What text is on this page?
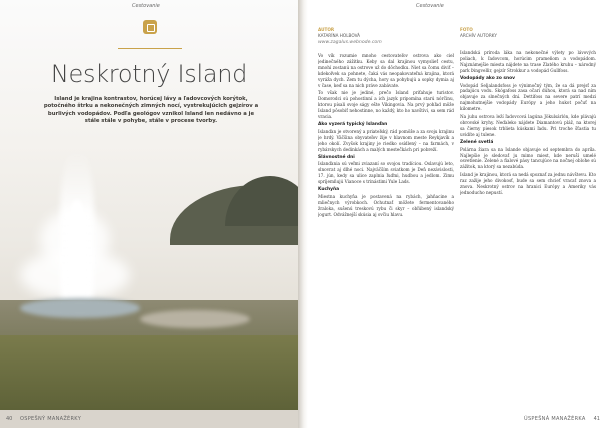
Cestovanie
Neskrotný Island

Island je krajina kontrastov, horúcej lávy a ľadovcových korýtok, potočného štrku a nekonečných zimných nocí, vystrekujúcich gejzírov a burlivých vodopádov. Podľa geológov vznikol Island len nedávno a je stále stále v pohybe, stále v procese tvorby.

40 OSPEŠNÝ MANAŽÉRKY
Cestovanie
AUTOR
KATARÍNA HOLBOVÁ
FOTO
ARCHÍV AUTORKY
www.zagalus.webnode.com

Vo vík rozumie mnoho cestovateľov ostrova ako cieľ jedinečného zážitku. Keby sa dal krajinou vymyslieť cestu, mnohí zostanú na ostrove už do dôchodku. Niet sa čomu diviť – kdekoľvek sa pohnete, čaká vás neopakovateľná krajina, ktorá vyráža dych. Zem tu dýcha, hory sa pohybujú a sopky dymia aj v čase, keď sa na nich práve zabávate.

To však nie je jediné, prečo Island priťahuje turistov. Domorodci sú pohostinní a ich jazyk pripomína starú nórčinu, ktorou písali svoje ságy ešte Vikingovia. Na prvý pohľad môže Island pôsobiť nehostinne, no každý, kto ho navštívi, sa sem rád vracia.

Ako vyzerá typický Islanďan

Islanďan je otvorený a priateľský, rád pomôže a za svoju krajinu je hrdý. Väčšina obyvateľov žije v hlavnom meste Reykjavík a jeho okolí. Zvyšok krajiny je riedko osídlený – na farmách, v rybárskych dedinkách a malých mestečkách pri pobreží.

Slávnostné dni

Islanďania sú veľmi zviazaní so svojou tradíciou. Oslavujú leto, slnovrat aj dlhé noci. Najväčším sviatkom je Deň nezávislosti, 17. jún, kedy sa ulice zaplnia ľuďmi, hudbou a jedlom. Zimu spríjemňujú Vianoce s trinástimi Yule Lads.

Kuchyňa

Miestna kuchyňa je postavená na rybách, jahňacine a mliečnych výrobkoch. Ochutnať môžete fermentovaného žraloka, sušenú treskovú rybu či skyr – obľúbený islandský jogurt. Odvážnejší skúsia aj ovčiu hlavu.

Islandská príroda láka na nekonečné výlety po lávových poliach, k ľadovcom, horúcim prameňom a vodopádom. Najznámejšie miesta nájdete na trase Zlatého kruhu – národný park Þingvellir, gejzír Strokkur a vodopád Gullfoss.

Vodopády ako zo snov

Vodopád Seljalandsfoss je výnimočný tým, že sa dá prejsť za padajúcu vodu. Skógafoss zasa očarí dúhou, ktorá sa nad ním objavuje za slnečných dní. Dettifoss na severe patrí medzi najmohutnejšie vodopády Európy a jeho hukot počuť na kilometre.

Na juhu ostrova leží ľadovcová lagúna Jökulsárlón, kde plávajú obrovské kryhy. Neďaleko nájdete Diamantovú pláž, na ktorej sa čierny piesok trblieta kúskami ľadu. Pri troche šťastia tu uvidíte aj tulene.

Zelené svetlá

Polárna žiara sa na Islande objavuje od septembra do apríla. Najlepšie je sledovať ju mimo miest, kde neruší umelé osvetlenie. Zelené a fialové pásy tancujúce na nočnej oblohe sú zážitok, na ktorý sa nezabúda.

Island je krajinou, ktorá sa nedá spoznať za jednu návštevu. Kto raz zažije jeho divokosť, bude sa sem chcieť vracať znova a znova. Neskrotný ostrov na hranici Európy a Ameriky vás jednoducho nepustí.

ÚSPEŠNÁ MANAŽÉRKA 41
